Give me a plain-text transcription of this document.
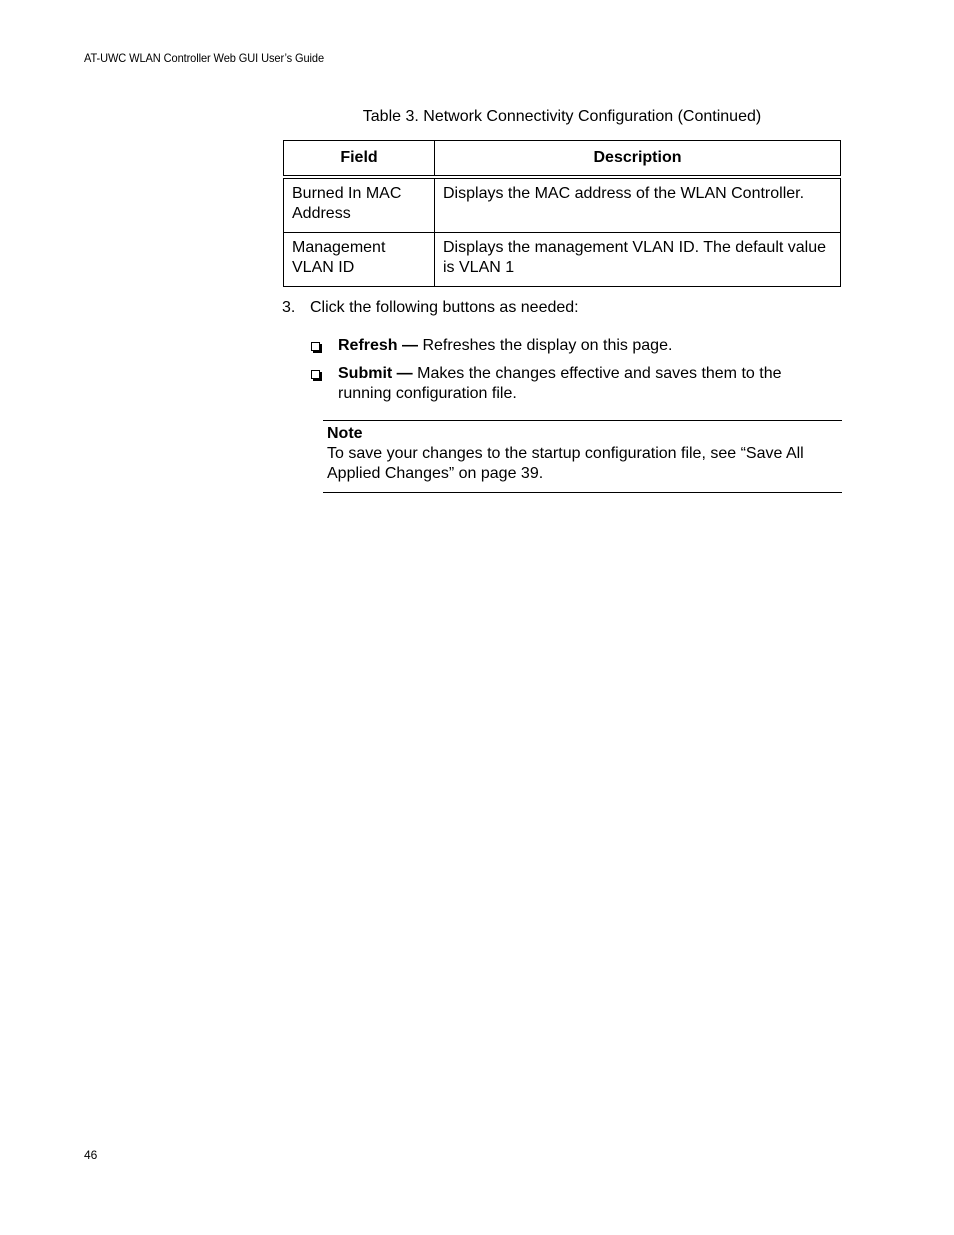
AT-UWC WLAN Controller Web GUI User’s Guide
Table 3. Network Connectivity Configuration (Continued)
Field	Description
Burned In MAC Address	Displays the MAC address of the WLAN Controller.
Management VLAN ID	Displays the management VLAN ID. The default value is VLAN 1
3. Click the following buttons as needed:
Refresh — Refreshes the display on this page.
Submit — Makes the changes effective and saves them to the running configuration file.
Note
To save your changes to the startup configuration file, see “Save All Applied Changes” on page 39.
46
